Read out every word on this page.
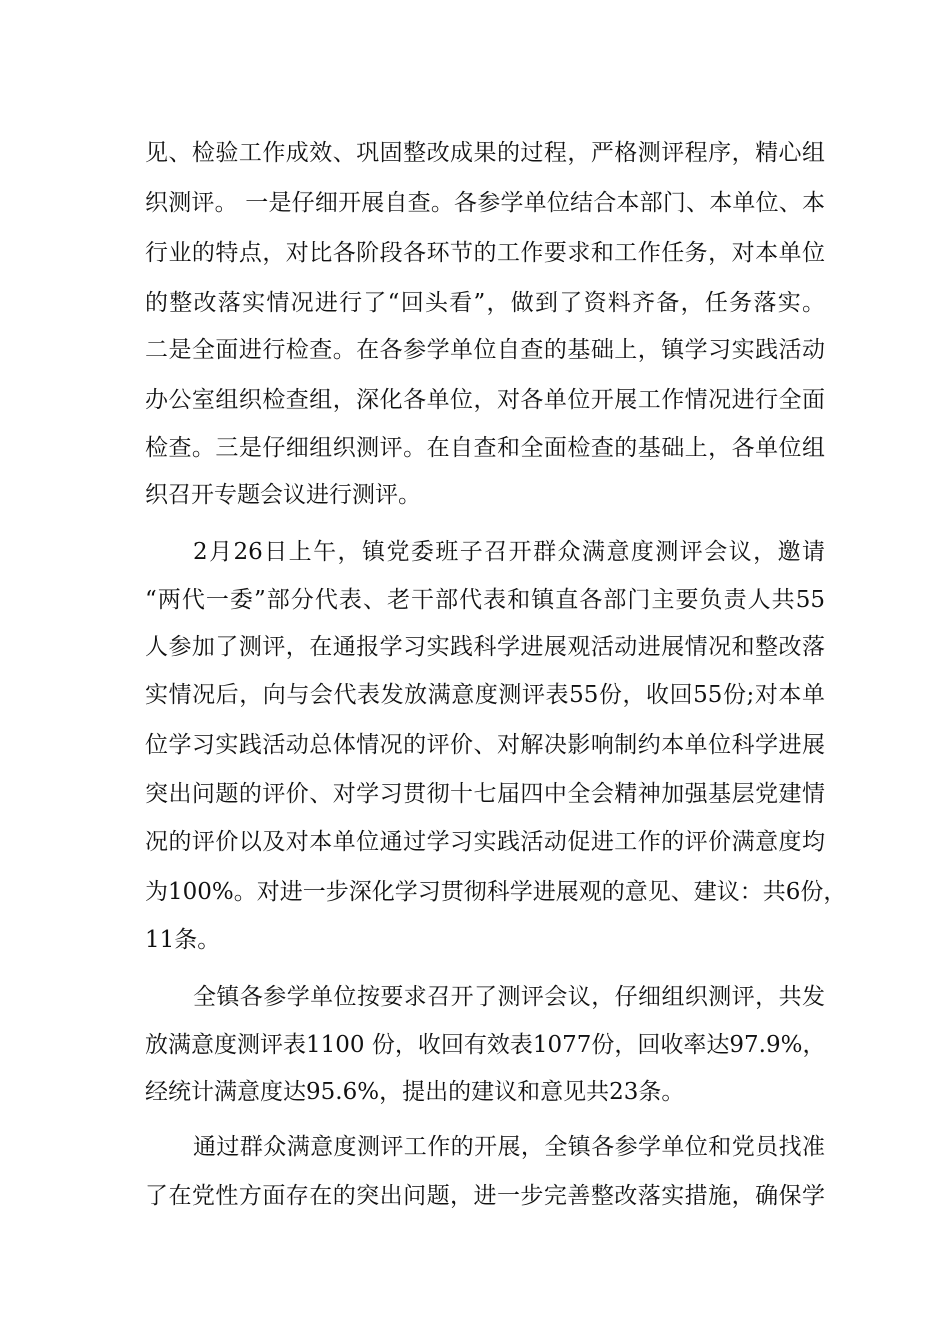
见、检验工作成效、巩固整改成果的过程，严格测评程序，精心组
织测评。 一是仔细开展自查。各参学单位结合本部门、本单位、本
行业的特点，对比各阶段各环节的工作要求和工作任务，对本单位
的整改落实情况进行了“回头看”，做到了资料齐备，任务落实。
二是全面进行检查。在各参学单位自查的基础上，镇学习实践活动
办公室组织检查组，深化各单位，对各单位开展工作情况进行全面
检查。三是仔细组织测评。在自查和全面检查的基础上，各单位组
织召开专题会议进行测评。
2月26日上午，镇党委班子召开群众满意度测评会议，邀请
“两代一委”部分代表、老干部代表和镇直各部门主要负责人共55
人参加了测评，在通报学习实践科学进展观活动进展情况和整改落
实情况后，向与会代表发放满意度测评表55份，收回55份;对本单
位学习实践活动总体情况的评价、对解决影响制约本单位科学进展
突出问题的评价、对学习贯彻十七届四中全会精神加强基层党建情
况的评价以及对本单位通过学习实践活动促进工作的评价满意度均
为100%。对进一步深化学习贯彻科学进展观的意见、建议：共6份，
11条。
全镇各参学单位按要求召开了测评会议，仔细组织测评，共发
放满意度测评表1100 份，收回有效表1077份，回收率达97.9%，
经统计满意度达95.6%，提出的建议和意见共23条。
通过群众满意度测评工作的开展，全镇各参学单位和党员找准
了在党性方面存在的突出问题，进一步完善整改落实措施，确保学
